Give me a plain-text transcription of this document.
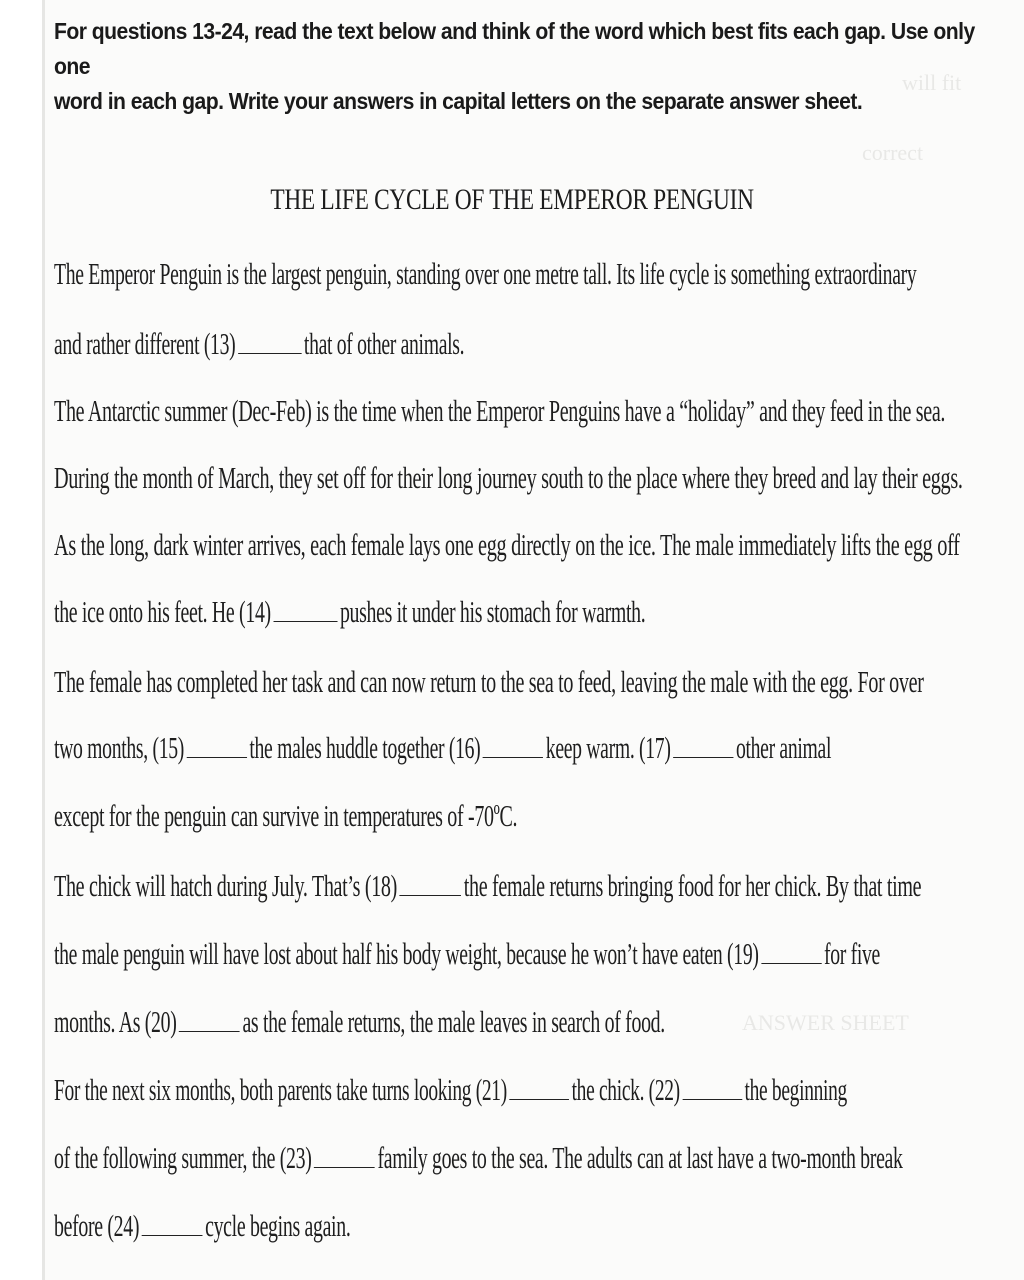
will fit
correct
ANSWER SHEET
For questions 13-24, read the text below and think of the word which best fits each gap. Use only one
word in each gap. Write your answers in capital letters on the separate answer sheet.
THE LIFE CYCLE OF THE EMPEROR PENGUIN
The Emperor Penguin is the largest penguin, standing over one metre tall. Its life cycle is something extraordinary
and rather different (13) that of other animals.
The Antarctic summer (Dec-Feb) is the time when the Emperor Penguins have a “holiday” and they feed in the sea.
During the month of March, they set off for their long journey south to the place where they breed and lay their eggs.
As the long, dark winter arrives, each female lays one egg directly on the ice. The male immediately lifts the egg off
the ice onto his feet. He (14) pushes it under his stomach for warmth.
The female has completed her task and can now return to the sea to feed, leaving the male with the egg. For over
two months, (15) the males huddle together (16) keep warm. (17) other animal
except for the penguin can survive in temperatures of -70ºC.
The chick will hatch during July. That’s (18) the female returns bringing food for her chick. By that time
the male penguin will have lost about half his body weight, because he won’t have eaten (19) for five
months. As (20) as the female returns, the male leaves in search of food.
For the next six months, both parents take turns looking (21) the chick. (22) the beginning
of the following summer, the (23) family goes to the sea. The adults can at last have a two-month break
before (24) cycle begins again.
